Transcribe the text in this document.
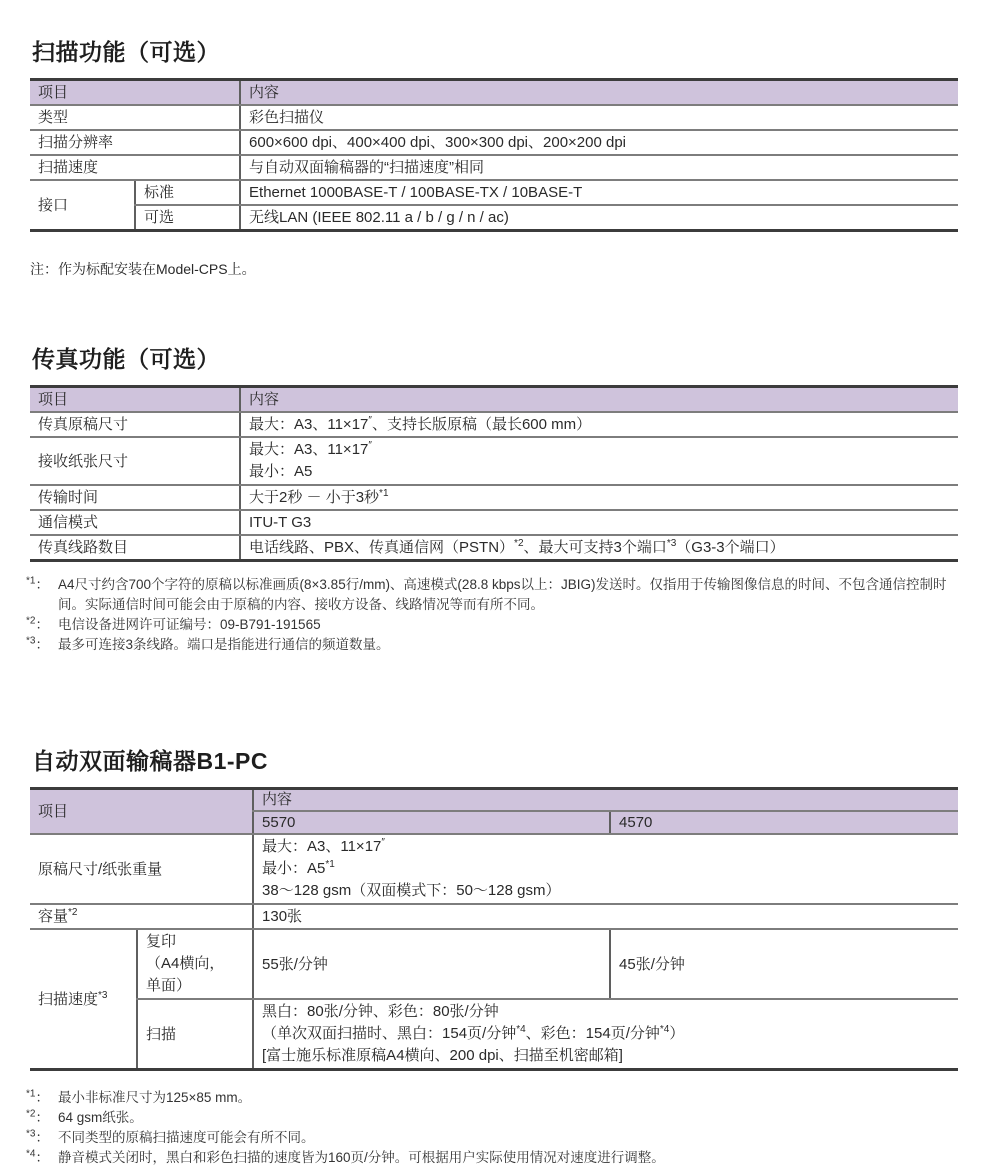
扫描功能（可选）
项目		内容
类型		彩色扫描仪
扫描分辨率		600×600 dpi、400×400 dpi、300×300 dpi、200×200 dpi
扫描速度		与自动双面输稿器的“扫描速度”相同
接口	标准	Ethernet 1000BASE-T / 100BASE-TX / 10BASE-T
	可选	无线LAN (IEEE 802.11 a / b / g / n / ac)
注：作为标配安装在Model-CPS上。
传真功能（可选）
项目	内容
传真原稿尺寸	最大：A3、11×17″、支持长版原稿（最长600 mm）
接收纸张尺寸	最大：A3、11×17″
最小：A5

传输时间	大于2秒 － 小于3秒$^{*1}$
通信模式	ITU-T G3
传真线路数目	电话线路、PBX、传真通信网（PSTN）$^{*2}$、最大可支持3个端口$^{*3}$（G3-3个端口）
$^{*1}$： A4尺寸约含700个字符的原稿以标准画质(8×3.85行/mm)、高速模式(28.8 kbps以上：JBIG)发送时。仅指用于传输图像信息的时间、不包含通信控制时间。实际通信时间可能会由于原稿的内容、接收方设备、线路情况等而有所不同。
$^{*2}$： 电信设备进网许可证编号：09-B791-191565
$^{*3}$： 最多可连接3条线路。端口是指能进行通信的频道数量。
自动双面输稿器B1-PC
项目		内容	
		5570	4570
原稿尺寸/纸张重量		最大：A3、11×17″
最小：A5$^{*1}$
38～128 gsm（双面模式下：50～128 gsm）	

容量$^{*2}$		130张	
扫描速度$^{*3}$	复印
（A4横向，
单面）	55张/分钟	45张/分钟
	扫描	黑白：80张/分钟、彩色：80张/分钟
（单次双面扫描时、黑白：154页/分钟$^{*4}$、彩色：154页/分钟$^{*4}$）
[富士施乐标准原稿A4横向、200 dpi、扫描至机密邮箱]	
$^{*1}$： 最小非标准尺寸为125×85 mm。
$^{*2}$： 64 gsm纸张。
$^{*3}$： 不同类型的原稿扫描速度可能会有所不同。
$^{*4}$： 静音模式关闭时，黑白和彩色扫描的速度皆为160页/分钟。可根据用户实际使用情况对速度进行调整。
